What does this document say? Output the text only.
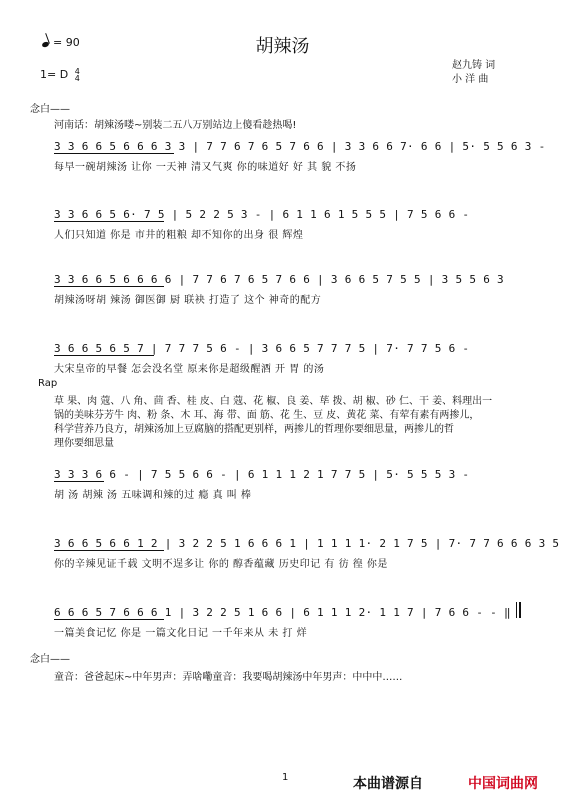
胡辣汤
= 90
1= D 4
4
赵九铸 词
小 洋 曲
念白——
河南话：胡辣汤喽~别装二五八万别站边上傻看趁热喝!
3 3 6 6 5 6 6 6 3 3 | 7 7 6 7 6 5 7 6 6 | 3 3 6 6 7· 6 6 | 5· 5 5 6 3 -
每早一碗胡辣汤 让你 一天神 清又气爽 你的味道好 好 其 貌 不扬
3 3 6 6 5 6· 7 5 | 5 2 2 5 3 - | 6 1 1 6 1 5 5 5 | 7 5 6 6 -
人们只知道 你是 市井的粗粮 却不知你的出身 很 辉煌
3 3 6 6 5 6 6 6 6 | 7 7 6 7 6 5 7 6 6 | 3 6 6 5 7 5 5 | 3 5 5 6 3
胡辣汤呀胡 辣汤 御医御 厨 联袂 打造了 这个 神奇的配方
3 6 6 5 6 5 7 | 7 7 7 5 6 - | 3 6 6 5 7 7 7 5 | 7· 7 7 5 6 -
大宋皇帝的早餐 怎会没名堂 原来你是超级醒酒 开 胃 的汤
Rap
草 果、肉 蔻、八 角、茴 香、桂 皮、白 蔻、花 椒、良 姜、荜 拨、胡 椒、砂 仁、干 姜、料理出一
锅的美味芬芳牛 肉、粉 条、木 耳、海 带、面 筋、花 生、豆 皮、黄花 菜、有荤有素有两掺儿，
科学营养乃良方，胡辣汤加上豆腐脑的搭配更别样，两掺儿的哲理你要细思量，两掺儿的哲
理你要细思量
3 3 3 6 6 - | 7 5 5 6 6 - | 6 1 1 1 2 1 7 7 5 | 5· 5 5 5 3 -
胡 汤 胡辣 汤 五味调和辣的过 瘾 真 叫 棒
3 6 6 5 6 6 1 2 | 3 2 2 5 1 6 6 6 1 | 1 1 1 1· 2 1 7 5 | 7· 7 7 6 6 6 3 5
你的辛辣见证千载 文明不逞多让 你的 醇香蕴藏 历史印记 有 彷 徨 你是
6 6 6 5 7 6 6 6 1 | 3 2 2 5 1 6 6 | 6 1 1 1 2· 1 1 7 | 7 6 6 - - ‖
一篇美食记忆 你是 一篇文化日记 一千年来从 未 打 烊
念白——
童音：爸爸起床~中年男声：弄啥嘞童音：我要喝胡辣汤中年男声：中中中……
1	本曲谱源自	中国词曲网
